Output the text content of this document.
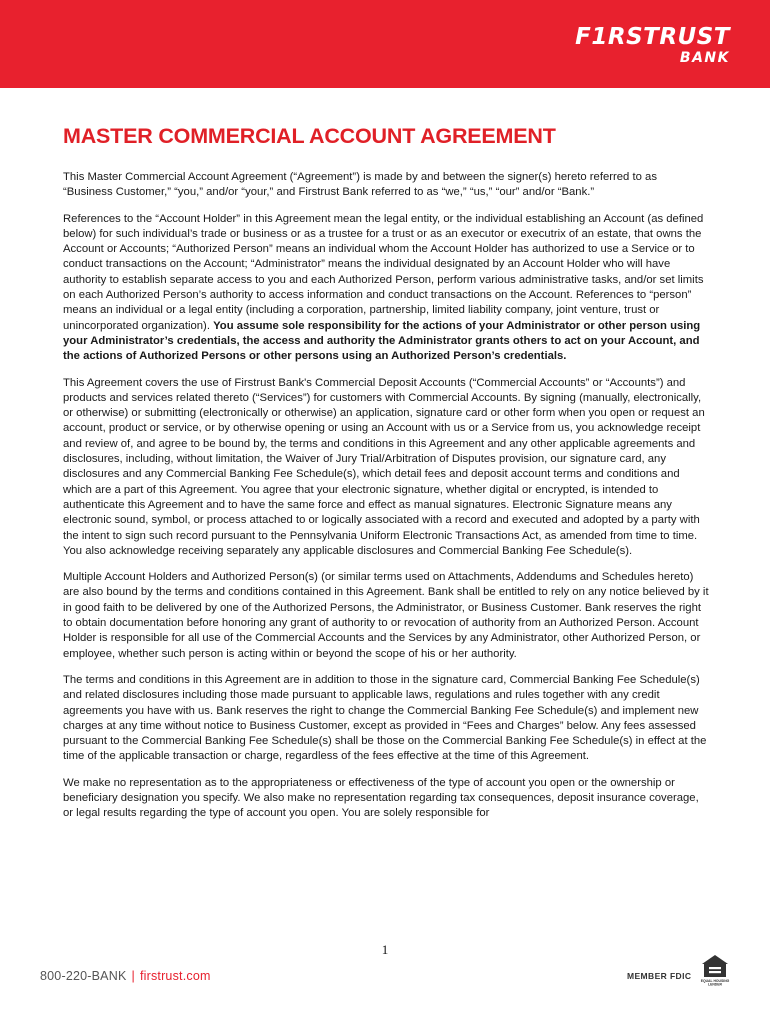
F1RSTRUST
BANK
MASTER COMMERCIAL ACCOUNT AGREEMENT

This Master Commercial Account Agreement (“Agreement”) is made by and between the signer(s) hereto referred to as “Business Customer,” “you,” and/or “your,” and Firstrust Bank referred to as “we,” “us,” “our” and/or “Bank.”

References to the “Account Holder” in this Agreement mean the legal entity, or the individual establishing an Account (as defined below) for such individual’s trade or business or as a trustee for a trust or as an executor or executrix of an estate, that owns the Account or Accounts; “Authorized Person” means an individual whom the Account Holder has authorized to use a Service or to conduct transactions on the Account; “Administrator” means the individual designated by an Account Holder who will have authority to establish separate access to you and each Authorized Person, perform various administrative tasks, and/or set limits on each Authorized Person’s authority to access information and conduct transactions on the Account. References to “person” means an individual or a legal entity (including a corporation, partnership, limited liability company, joint venture, trust or unincorporated organization). You assume sole responsibility for the actions of your Administrator or other person using your Administrator’s credentials, the access and authority the Administrator grants others to act on your Account, and the actions of Authorized Persons or other persons using an Authorized Person’s credentials.

This Agreement covers the use of Firstrust Bank's Commercial Deposit Accounts (“Commercial Accounts” or “Accounts”) and products and services related thereto (“Services”) for customers with Commercial Accounts. By signing (manually, electronically, or otherwise) or submitting (electronically or otherwise) an application, signature card or other form when you open or request an account, product or service, or by otherwise opening or using an Account with us or a Service from us, you acknowledge receipt and review of, and agree to be bound by, the terms and conditions in this Agreement and any other applicable agreements and disclosures, including, without limitation, the Waiver of Jury Trial/Arbitration of Disputes provision, our signature card, any disclosures and any Commercial Banking Fee Schedule(s), which detail fees and deposit account terms and conditions and which are a part of this Agreement. You agree that your electronic signature, whether digital or encrypted, is intended to authenticate this Agreement and to have the same force and effect as manual signatures. Electronic Signature means any electronic sound, symbol, or process attached to or logically associated with a record and executed and adopted by a party with the intent to sign such record pursuant to the Pennsylvania Uniform Electronic Transactions Act, as amended from time to time. You also acknowledge receiving separately any applicable disclosures and Commercial Banking Fee Schedule(s).

Multiple Account Holders and Authorized Person(s) (or similar terms used on Attachments, Addendums and Schedules hereto) are also bound by the terms and conditions contained in this Agreement. Bank shall be entitled to rely on any notice believed by it in good faith to be delivered by one of the Authorized Persons, the Administrator, or Business Customer. Bank reserves the right to obtain documentation before honoring any grant of authority to or revocation of authority from an Authorized Person. Account Holder is responsible for all use of the Commercial Accounts and the Services by any Administrator, other Authorized Person, or employee, whether such person is acting within or beyond the scope of his or her authority.

The terms and conditions in this Agreement are in addition to those in the signature card, Commercial Banking Fee Schedule(s) and related disclosures including those made pursuant to applicable laws, regulations and rules together with any credit agreements you have with us. Bank reserves the right to change the Commercial Banking Fee Schedule(s) and implement new charges at any time without notice to Business Customer, except as provided in “Fees and Charges” below. Any fees assessed pursuant to the Commercial Banking Fee Schedule(s) shall be those on the Commercial Banking Fee Schedule(s) in effect at the time of the applicable transaction or charge, regardless of the fees effective at the time of this Agreement.

We make no representation as to the appropriateness or effectiveness of the type of account you open or the ownership or beneficiary designation you specify. We also make no representation regarding tax consequences, deposit insurance coverage, or legal results regarding the type of account you open. You are solely responsible for

1
800-220-BANK | firstrust.com	MEMBER FDIC	EQUAL HOUSING
LENDER
